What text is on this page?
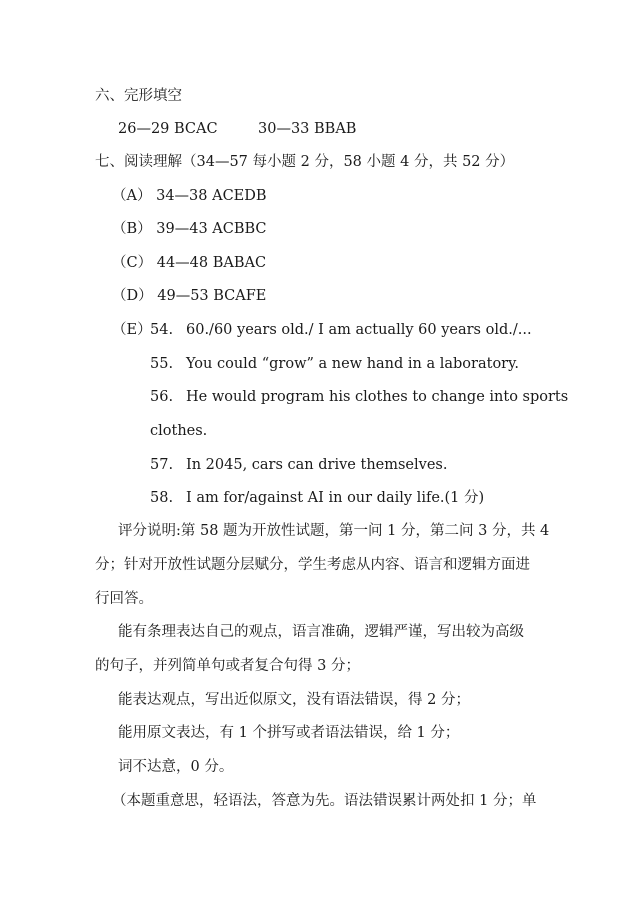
六、完形填空
26—29 BCAC	30—33 BBAB
七、阅读理解（34—57 每小题 2 分，58 小题 4 分，共 52 分）
（A） 34—38 ACEDB
（B） 39—43 ACBBC
（C） 44—48 BABAC
（D） 49—53 BCAFE
（E）
54. 60./60 years old./ I am actually 60 years old./...
55. You could “grow” a new hand in a laboratory.
56. He would program his clothes to change into sports
clothes.
57. In 2045, cars can drive themselves.
58. I am for/against AI in our daily life.(1 分)
评分说明:第 58 题为开放性试题，第一问 1 分，第二问 3 分，共 4
分；针对开放性试题分层赋分，学生考虑从内容、语言和逻辑方面进
行回答。
能有条理表达自己的观点，语言准确，逻辑严谨，写出较为高级
的句子，并列简单句或者复合句得 3 分；
能表达观点，写出近似原文，没有语法错误，得 2 分；
能用原文表达，有 1 个拼写或者语法错误，给 1 分；
词不达意，0 分。
（本题重意思，轻语法，答意为先。语法错误累计两处扣 1 分；单
